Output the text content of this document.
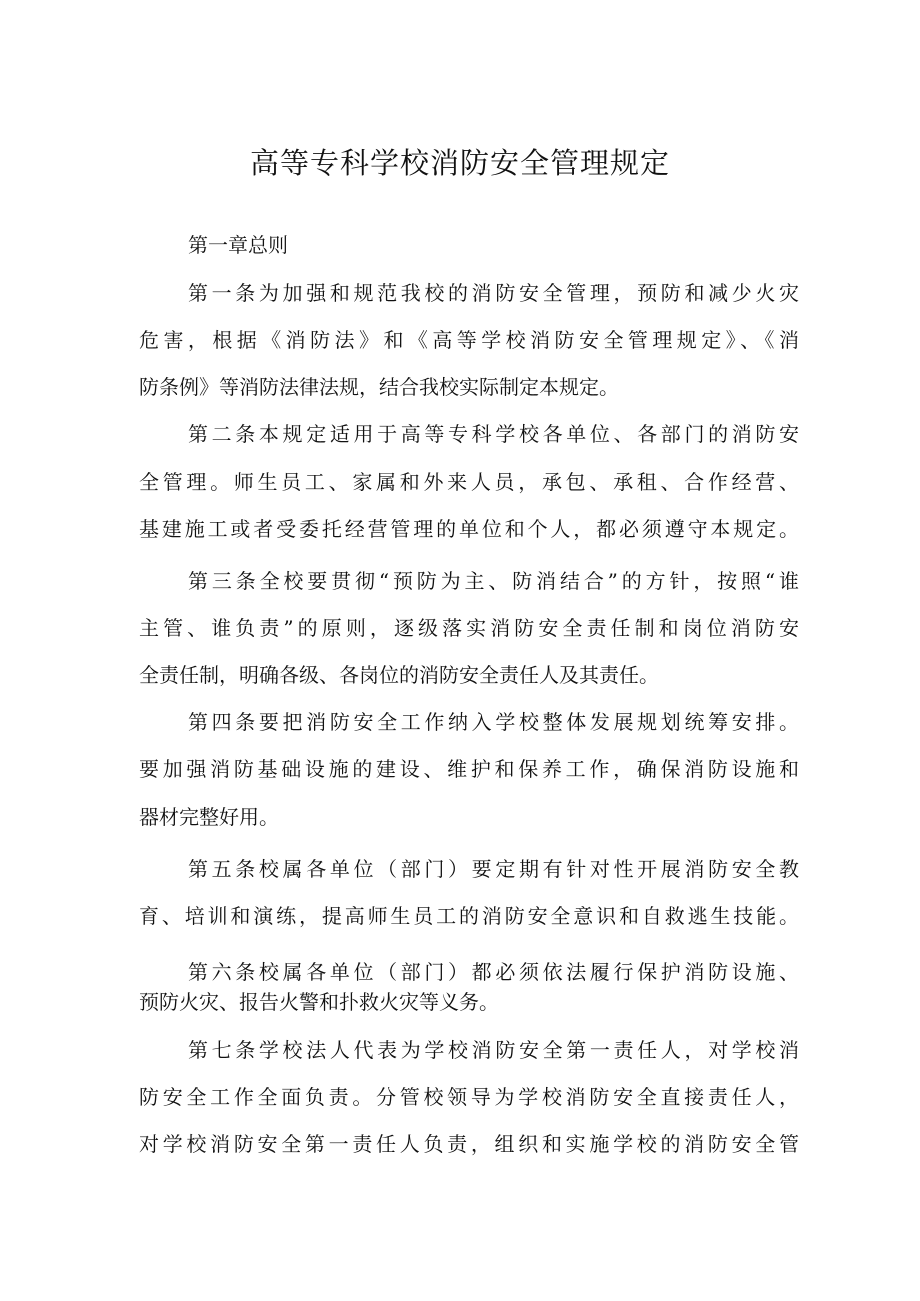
高等专科学校消防安全管理规定
第一章总则
第一条为加强和规范我校的消防安全管理，预防和减少火灾
危害，根据《消防法》和《高等学校消防安全管理规定》、《消
防条例》等消防法律法规，结合我校实际制定本规定。
第二条本规定适用于高等专科学校各单位、各部门的消防安
全管理。师生员工、家属和外来人员，承包、承租、合作经营、
基建施工或者受委托经营管理的单位和个人，都必须遵守本规定。
第三条全校要贯彻“预防为主、防消结合”的方针，按照“谁
主管、谁负责”的原则，逐级落实消防安全责任制和岗位消防安
全责任制，明确各级、各岗位的消防安全责任人及其责任。
第四条要把消防安全工作纳入学校整体发展规划统筹安排。
要加强消防基础设施的建设、维护和保养工作，确保消防设施和
器材完整好用。
第五条校属各单位（部门）要定期有针对性开展消防安全教
育、培训和演练，提高师生员工的消防安全意识和自救逃生技能。
第六条校属各单位（部门）都必须依法履行保护消防设施、
预防火灾、报告火警和扑救火灾等义务。
第七条学校法人代表为学校消防安全第一责任人，对学校消
防安全工作全面负责。分管校领导为学校消防安全直接责任人，
对学校消防安全第一责任人负责，组织和实施学校的消防安全管
